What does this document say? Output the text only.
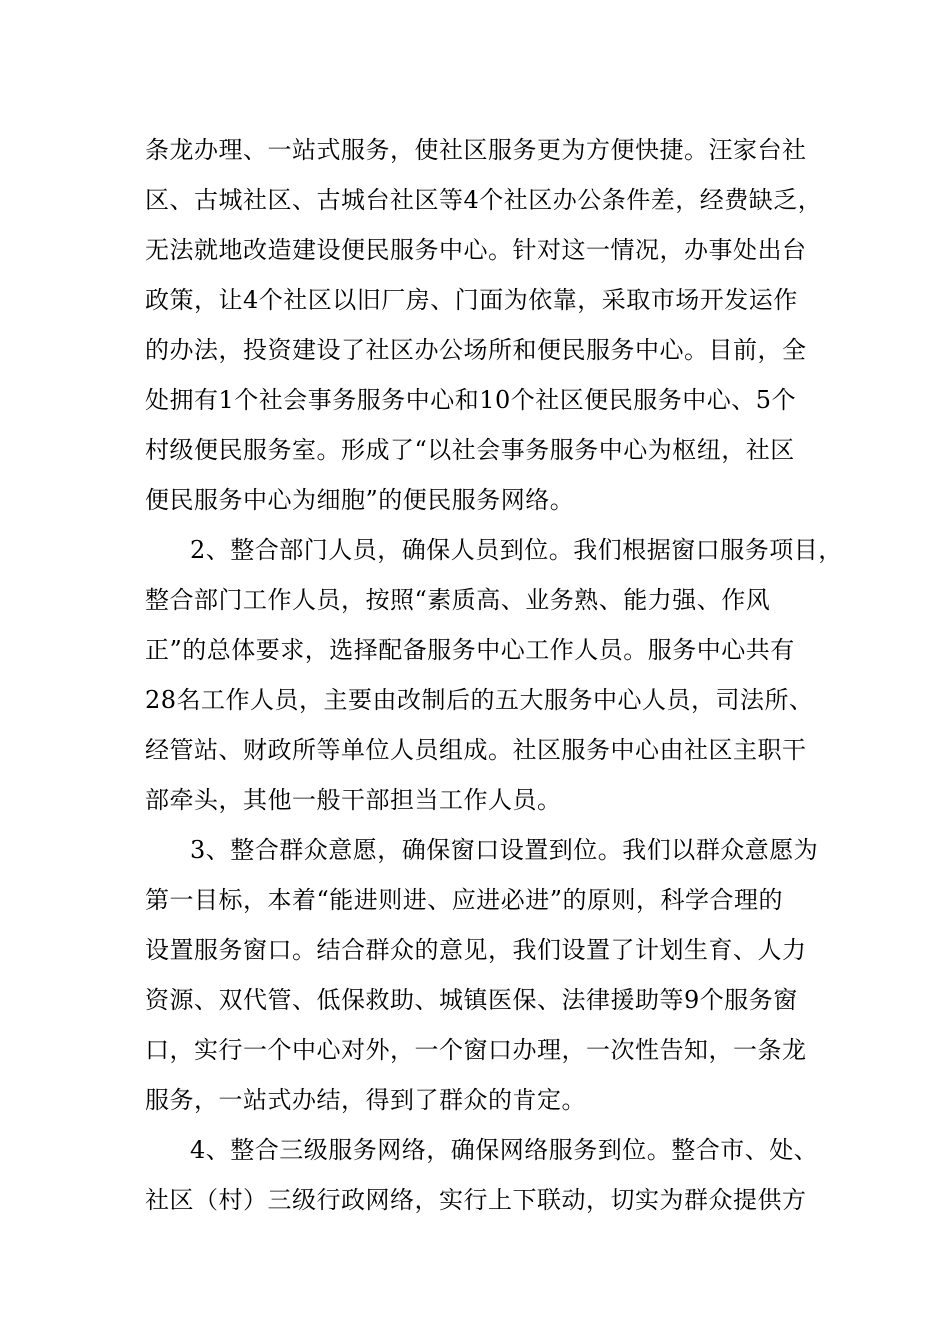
条龙办理、一站式服务，使社区服务更为方便快捷。汪家台社
区、古城社区、古城台社区等4个社区办公条件差，经费缺乏，
无法就地改造建设便民服务中心。针对这一情况，办事处出台
政策，让4个社区以旧厂房、门面为依靠，采取市场开发运作
的办法，投资建设了社区办公场所和便民服务中心。目前，全
处拥有1个社会事务服务中心和10个社区便民服务中心、5个
村级便民服务室。形成了“以社会事务服务中心为枢纽，社区
便民服务中心为细胞”的便民服务网络。
2、整合部门人员，确保人员到位。我们根据窗口服务项目，
整合部门工作人员，按照“素质高、业务熟、能力强、作风
正”的总体要求，选择配备服务中心工作人员。服务中心共有
28名工作人员，主要由改制后的五大服务中心人员，司法所、
经管站、财政所等单位人员组成。社区服务中心由社区主职干
部牵头，其他一般干部担当工作人员。
3、整合群众意愿，确保窗口设置到位。我们以群众意愿为
第一目标，本着“能进则进、应进必进”的原则，科学合理的
设置服务窗口。结合群众的意见，我们设置了计划生育、人力
资源、双代管、低保救助、城镇医保、法律援助等9个服务窗
口，实行一个中心对外，一个窗口办理，一次性告知，一条龙
服务，一站式办结，得到了群众的肯定。
4、整合三级服务网络，确保网络服务到位。整合市、处、
社区（村）三级行政网络，实行上下联动，切实为群众提供方
